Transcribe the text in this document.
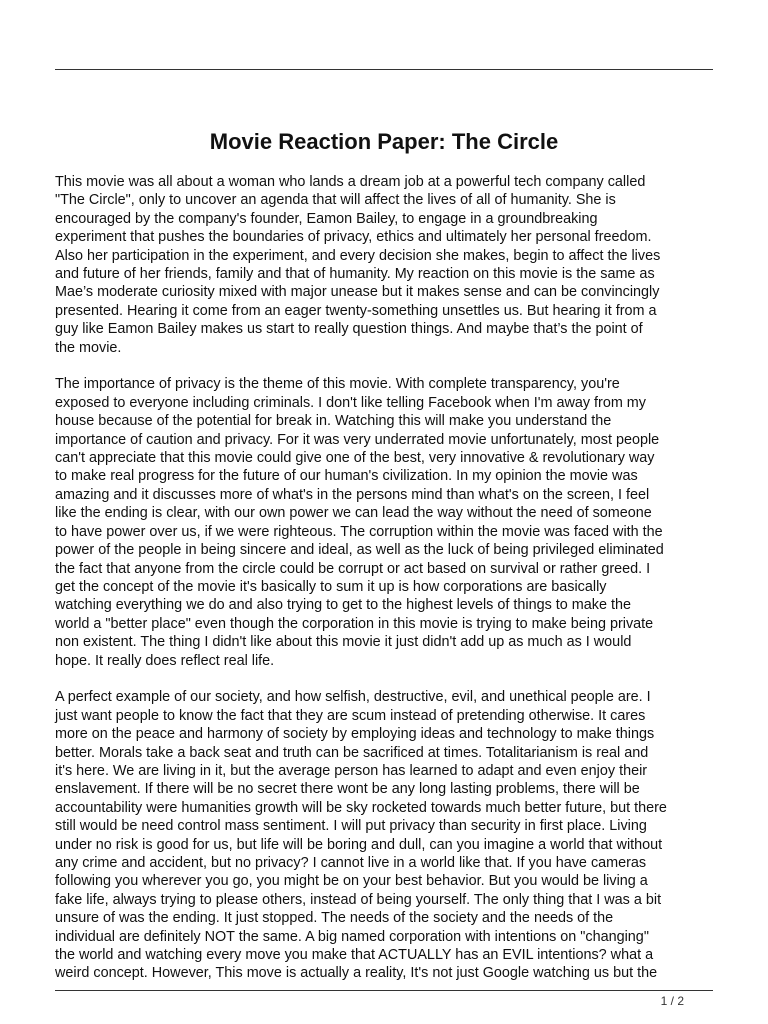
Movie Reaction Paper: The Circle

This movie was all about a woman who lands a dream job at a powerful tech company called
"The Circle", only to uncover an agenda that will affect the lives of all of humanity. She is
encouraged by the company's founder, Eamon Bailey, to engage in a groundbreaking
experiment that pushes the boundaries of privacy, ethics and ultimately her personal freedom.
Also her participation in the experiment, and every decision she makes, begin to affect the lives
and future of her friends, family and that of humanity. My reaction on this movie is the same as
Mae’s moderate curiosity mixed with major unease but it makes sense and can be convincingly
presented. Hearing it come from an eager twenty-something unsettles us. But hearing it from a
guy like Eamon Bailey makes us start to really question things. And maybe that’s the point of
the movie.

The importance of privacy is the theme of this movie. With complete transparency, you're
exposed to everyone including criminals. I don't like telling Facebook when I'm away from my
house because of the potential for break in. Watching this will make you understand the
importance of caution and privacy. For it was very underrated movie unfortunately, most people
can't appreciate that this movie could give one of the best, very innovative & revolutionary way
to make real progress for the future of our human's civilization. In my opinion the movie was
amazing and it discusses more of what's in the persons mind than what's on the screen, I feel
like the ending is clear, with our own power we can lead the way without the need of someone
to have power over us, if we were righteous. The corruption within the movie was faced with the
power of the people in being sincere and ideal, as well as the luck of being privileged eliminated
the fact that anyone from the circle could be corrupt or act based on survival or rather greed. I
get the concept of the movie it's basically to sum it up is how corporations are basically
watching everything we do and also trying to get to the highest levels of things to make the
world a "better place" even though the corporation in this movie is trying to make being private
non existent. The thing I didn't like about this movie it just didn't add up as much as I would
hope. It really does reflect real life.

A perfect example of our society, and how selfish, destructive, evil, and unethical people are. I
just want people to know the fact that they are scum instead of pretending otherwise. It cares
more on the peace and harmony of society by employing ideas and technology to make things
better. Morals take a back seat and truth can be sacrificed at times. Totalitarianism is real and
it's here. We are living in it, but the average person has learned to adapt and even enjoy their
enslavement. If there will be no secret there wont be any long lasting problems, there will be
accountability were humanities growth will be sky rocketed towards much better future, but there
still would be need control mass sentiment. I will put privacy than security in first place. Living
under no risk is good for us, but life will be boring and dull, can you imagine a world that without
any crime and accident, but no privacy? I cannot live in a world like that. If you have cameras
following you wherever you go, you might be on your best behavior. But you would be living a
fake life, always trying to please others, instead of being yourself. The only thing that I was a bit
unsure of was the ending. It just stopped. The needs of the society and the needs of the
individual are definitely NOT the same. A big named corporation with intentions on "changing"
the world and watching every move you make that ACTUALLY has an EVIL intentions? what a
weird concept. However, This move is actually a reality, It's not just Google watching us but the

1 / 2
